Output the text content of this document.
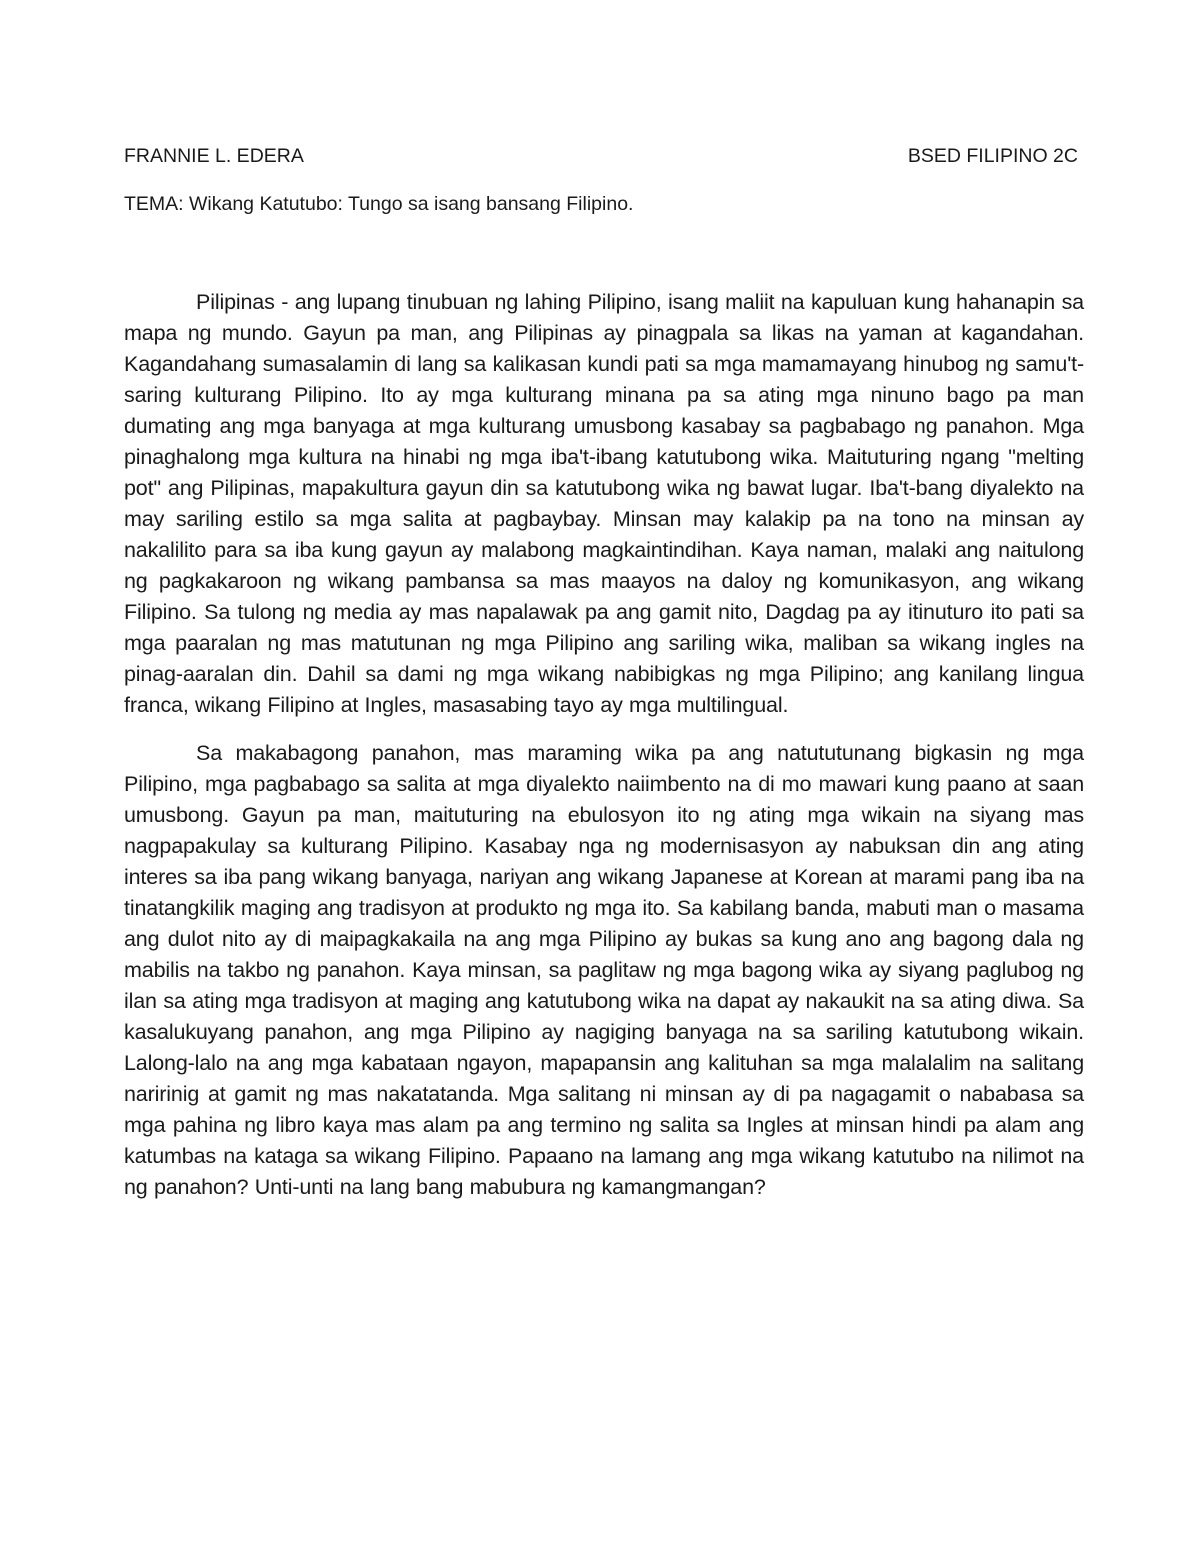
FRANNIE L. EDERA	BSED FILIPINO 2C
TEMA: Wikang Katutubo: Tungo sa isang bansang Filipino.

Pilipinas - ang lupang tinubuan ng lahing Pilipino, isang maliit na kapuluan kung hahanapin sa mapa ng mundo. Gayun pa man, ang Pilipinas ay pinagpala sa likas na yaman at kagandahan. Kagandahang sumasalamin di lang sa kalikasan kundi pati sa mga mamamayang hinubog ng samu't-saring kulturang Pilipino. Ito ay mga kulturang minana pa sa ating mga ninuno bago pa man dumating ang mga banyaga at mga kulturang umusbong kasabay sa pagbabago ng panahon. Mga pinaghalong mga kultura na hinabi ng mga iba't-ibang katutubong wika. Maituturing ngang "melting pot" ang Pilipinas, mapakultura gayun din sa katutubong wika ng bawat lugar. Iba't-bang diyalekto na may sariling estilo sa mga salita at pagbaybay. Minsan may kalakip pa na tono na minsan ay nakalilito para sa iba kung gayun ay malabong magkaintindihan. Kaya naman, malaki ang naitulong ng pagkakaroon ng wikang pambansa sa mas maayos na daloy ng komunikasyon, ang wikang Filipino. Sa tulong ng media ay mas napalawak pa ang gamit nito, Dagdag pa ay itinuturo ito pati sa mga paaralan ng mas matutunan ng mga Pilipino ang sariling wika, maliban sa wikang ingles na pinag-aaralan din. Dahil sa dami ng mga wikang nabibigkas ng mga Pilipino; ang kanilang lingua franca, wikang Filipino at Ingles, masasabing tayo ay mga multilingual.

Sa makabagong panahon, mas maraming wika pa ang natututunang bigkasin ng mga Pilipino, mga pagbabago sa salita at mga diyalekto naiimbento na di mo mawari kung paano at saan umusbong. Gayun pa man, maituturing na ebulosyon ito ng ating mga wikain na siyang mas nagpapakulay sa kulturang Pilipino. Kasabay nga ng modernisasyon ay nabuksan din ang ating interes sa iba pang wikang banyaga, nariyan ang wikang Japanese at Korean at marami pang iba na tinatangkilik maging ang tradisyon at produkto ng mga ito. Sa kabilang banda, mabuti man o masama ang dulot nito ay di maipagkakaila na ang mga Pilipino ay bukas sa kung ano ang bagong dala ng mabilis na takbo ng panahon. Kaya minsan, sa paglitaw ng mga bagong wika ay siyang paglubog ng ilan sa ating mga tradisyon at maging ang katutubong wika na dapat ay nakaukit na sa ating diwa. Sa kasalukuyang panahon, ang mga Pilipino ay nagiging banyaga na sa sariling katutubong wikain. Lalong-lalo na ang mga kabataan ngayon, mapapansin ang kalituhan sa mga malalalim na salitang naririnig at gamit ng mas nakatatanda. Mga salitang ni minsan ay di pa nagagamit o nababasa sa mga pahina ng libro kaya mas alam pa ang termino ng salita sa Ingles at minsan hindi pa alam ang katumbas na kataga sa wikang Filipino. Papaano na lamang ang mga wikang katutubo na nilimot na ng panahon? Unti-unti na lang bang mabubura ng kamangmangan?
